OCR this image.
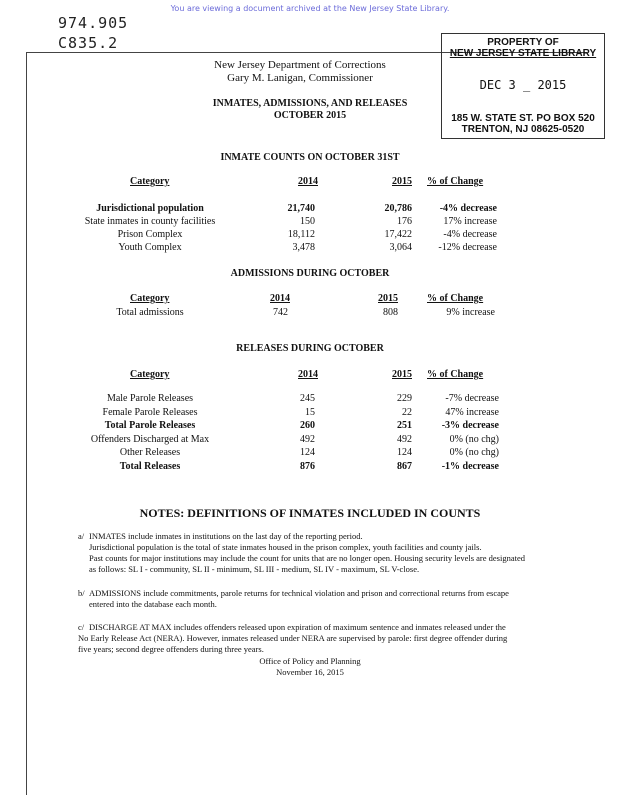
You are viewing a document archived at the New Jersey State Library.
974.905
C835.2	PROPERTY OF
NEW JERSEY STATE LIBRARY
DEC 3 _ 2015
185 W. STATE ST. PO BOX 520
TRENTON, NJ 08625-0520
New Jersey Department of Corrections
Gary M. Lanigan, Commissioner
INMATES, ADMISSIONS, AND RELEASES
OCTOBER 2015
INMATE COUNTS ON OCTOBER 31ST
Category	2014	2015 % of Change
Jurisdictional population	21,740	20,786	-4% decrease
State inmates in county facilities	150	176	17% increase
Prison Complex	18,112	17,422	-4% decrease
Youth Complex	3,478	3,064	-12% decrease
ADMISSIONS DURING OCTOBER
Category	2014	2015	% of Change
Total admissions	742	808	9% increase
RELEASES DURING OCTOBER
Category	2014	2015 % of Change
Male Parole Releases	245	229	-7% decrease
Female Parole Releases	15	22	47% increase
Total Parole Releases	260	251	-3% decrease
Offenders Discharged at Max	492	492	0% (no chg)
Other Releases	124	124	0% (no chg)
Total Releases	876	867	-1% decrease
NOTES: DEFINITIONS OF INMATES INCLUDED IN COUNTS
a/ INMATES include inmates in institutions on the last day of the reporting period.
Jurisdictional population is the total of state inmates housed in the prison complex, youth facilities and county jails.
Past counts for major institutions may include the count for units that are no longer open. Housing security levels are designated
as follows: SL I - community, SL II - minimum, SL III - medium, SL IV - maximum, SL V-close.
b/ ADMISSIONS include commitments, parole returns for technical violation and prison and correctional returns from escape
entered into the database each month.
c/ DISCHARGE AT MAX includes offenders released upon expiration of maximum sentence and inmates released under the
No Early Release Act (NERA). However, inmates released under NERA are supervised by parole: first degree offender during
five years; second degree offenders during three years.
Office of Policy and Planning
November 16, 2015
